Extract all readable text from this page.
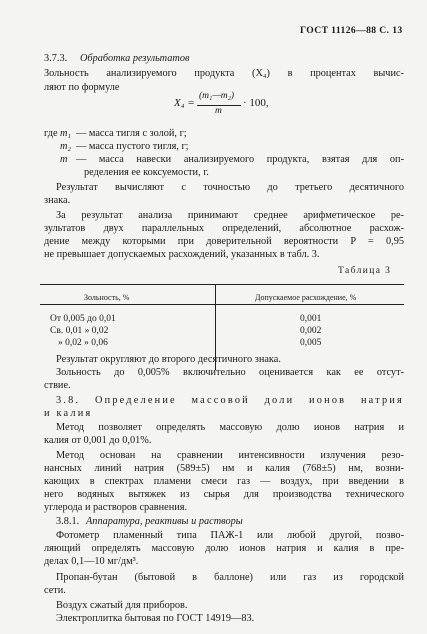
ГОСТ 11126—88 С. 13
3.7.3. Обработка результатов
Зольность анализируемого продукта (X₄) в процентах вычис-
ляют по формуле
X₄ =
(m₁—m₂)
m
· 100,
где m₁ — масса тигля с золой, г;
m₂ — масса пустого тигля, г;
m — масса навески анализируемого продукта, взятая для оп-
ределения ее коксуемости, г.
Результат вычисляют с точностью до третьего десятичного
знака.
За результат анализа принимают среднее арифметическое ре-
зультатов двух параллельных определений, абсолютное расхож-
дение между которыми при доверительной вероятности P = 0,95
не превышает допускаемых расхождений, указанных в табл. 3.
Таблица 3
Зольность, %	Допускаемое расхождение, %
От 0,005 до 0,01	0,001
Св. 0,01 » 0,02	0,002
» 0,02 » 0,06	0,005
Результат округляют до второго десятичного знака.
Зольность до 0,005% включительно оценивается как ее отсут-
ствие.
3.8. Определение массовой доли ионов натрия
и калия
Метод позволяет определять массовую долю ионов натрия и
калия от 0,001 до 0,01%.
Метод основан на сравнении интенсивности излучения резо-
нансных линий натрия (589±5) нм и калия (768±5) нм, возни-
кающих в спектрах пламени смеси газ — воздух, при введении в
него водяных вытяжек из сырья для производства технического
углерода и растворов сравнения.
3.8.1. Аппаратура, реактивы и растворы
Фотометр пламенный типа ПАЖ-1 или любой другой, позво-
ляющий определять массовую долю ионов натрия и калия в пре-
делах 0,1—10 мг/дм³.
Пропан-бутан (бытовой в баллоне) или газ из городской
сети.
Воздух сжатый для приборов.
Электроплитка бытовая по ГОСТ 14919—83.
